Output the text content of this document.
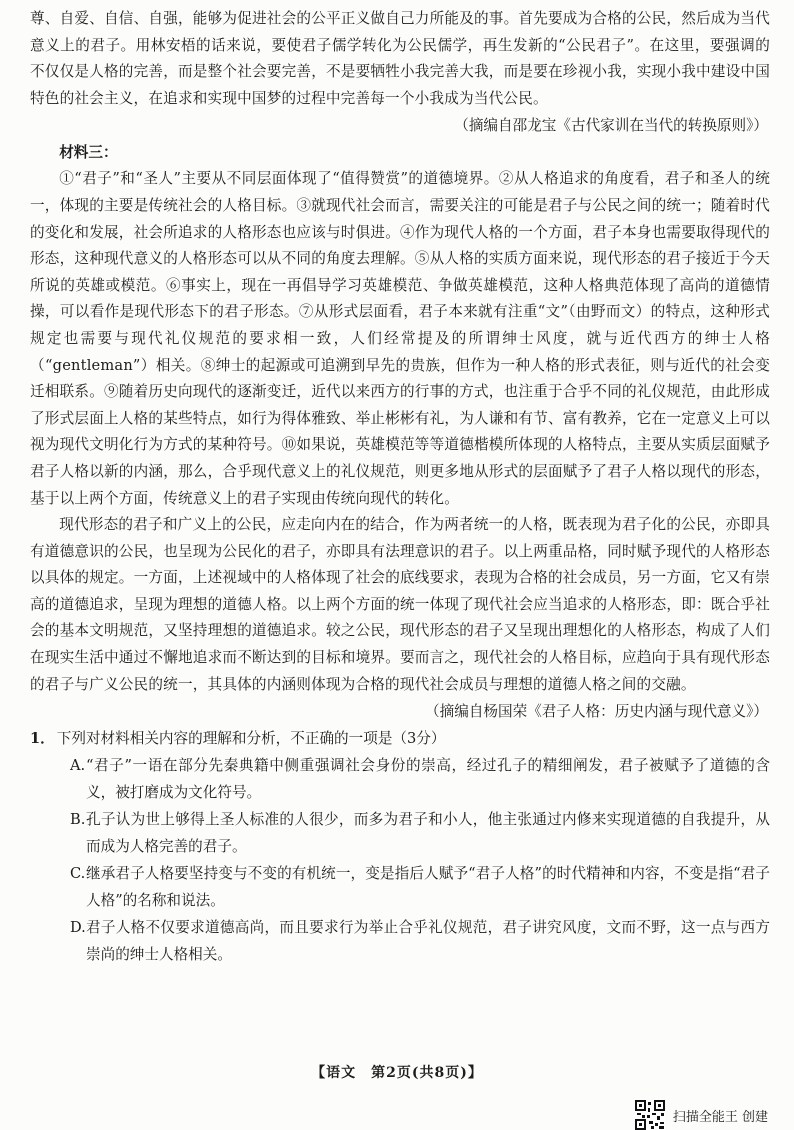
尊、自爱、自信、自强，能够为促进社会的公平正义做自己力所能及的事。首先要成为合格的公民，然后成为当代意义上的君子。用林安梧的话来说，要使君子儒学转化为公民儒学，再生发新的“公民君子”。在这里，要强调的不仅仅是人格的完善，而是整个社会要完善，不是要牺牲小我完善大我，而是要在珍视小我，实现小我中建设中国特色的社会主义，在追求和实现中国梦的过程中完善每一个小我成为当代公民。

（摘编自邵龙宝《古代家训在当代的转换原则》）

材料三：

①“君子”和“圣人”主要从不同层面体现了“值得赞赏”的道德境界。②从人格追求的角度看，君子和圣人的统一，体现的主要是传统社会的人格目标。③就现代社会而言，需要关注的可能是君子与公民之间的统一；随着时代的变化和发展，社会所追求的人格形态也应该与时俱进。④作为现代人格的一个方面，君子本身也需要取得现代的形态，这种现代意义的人格形态可以从不同的角度去理解。⑤从人格的实质方面来说，现代形态的君子接近于今天所说的英雄或模范。⑥事实上，现在一再倡导学习英雄模范、争做英雄模范，这种人格典范体现了高尚的道德情操，可以看作是现代形态下的君子形态。⑦从形式层面看，君子本来就有注重“文”（由野而文）的特点，这种形式规定也需要与现代礼仪规范的要求相一致，人们经常提及的所谓绅士风度，就与近代西方的绅士人格（“gentleman”）相关。⑧绅士的起源或可追溯到早先的贵族，但作为一种人格的形式表征，则与近代的社会变迁相联系。⑨随着历史向现代的逐渐变迁，近代以来西方的行事的方式，也注重于合乎不同的礼仪规范，由此形成了形式层面上人格的某些特点，如行为得体雅致、举止彬彬有礼，为人谦和有节、富有教养，它在一定意义上可以视为现代文明化行为方式的某种符号。⑩如果说，英雄模范等等道德楷模所体现的人格特点，主要从实质层面赋予君子人格以新的内涵，那么，合乎现代意义上的礼仪规范，则更多地从形式的层面赋予了君子人格以现代的形态，基于以上两个方面，传统意义上的君子实现由传统向现代的转化。

现代形态的君子和广义上的公民，应走向内在的结合，作为两者统一的人格，既表现为君子化的公民，亦即具有道德意识的公民，也呈现为公民化的君子，亦即具有法理意识的君子。以上两重品格，同时赋予现代的人格形态以具体的规定。一方面，上述视域中的人格体现了社会的底线要求，表现为合格的社会成员，另一方面，它又有崇高的道德追求，呈现为理想的道德人格。以上两个方面的统一体现了现代社会应当追求的人格形态，即：既合乎社会的基本文明规范，又坚持理想的道德追求。较之公民，现代形态的君子又呈现出理想化的人格形态，构成了人们在现实生活中通过不懈地追求而不断达到的目标和境界。要而言之，现代社会的人格目标，应趋向于具有现代形态的君子与广义公民的统一，其具体的内涵则体现为合格的现代社会成员与理想的道德人格之间的交融。

（摘编自杨国荣《君子人格：历史内涵与现代意义》）

1． 下列对材料相关内容的理解和分析，不正确的一项是（3分）

A. “君子”一语在部分先秦典籍中侧重强调社会身份的崇高，经过孔子的精细阐发，君子被赋予了道德的含义，被打磨成为文化符号。
B. 孔子认为世上够得上圣人标准的人很少，而多为君子和小人，他主张通过内修来实现道德的自我提升，从而成为人格完善的君子。
C. 继承君子人格要坚持变与不变的有机统一，变是指后人赋予“君子人格”的时代精神和内容，不变是指“君子人格”的名称和说法。
D. 君子人格不仅要求道德高尚，而且要求行为举止合乎礼仪规范，君子讲究风度，文而不野，这一点与西方崇尚的绅士人格相关。
【语文　第2页(共8页)】
扫描全能王 创建
